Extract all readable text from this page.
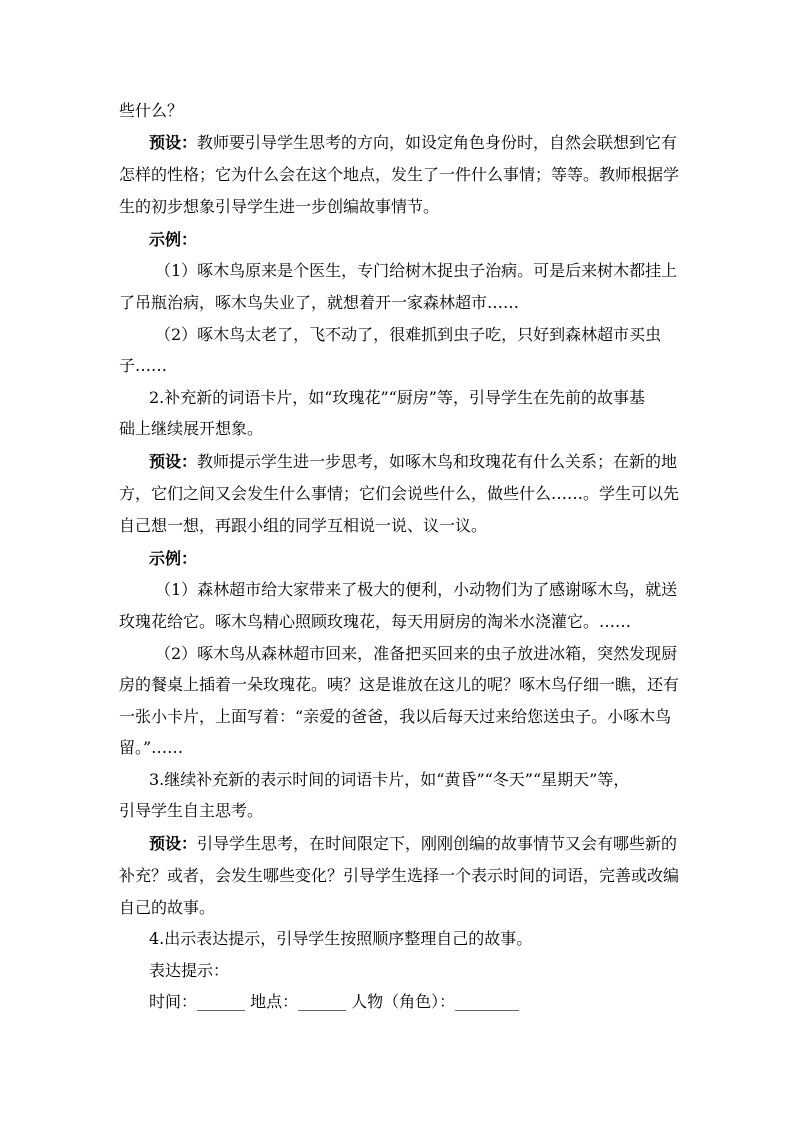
些什么？
预设：教师要引导学生思考的方向，如设定角色身份时，自然会联想到它有
怎样的性格；它为什么会在这个地点，发生了一件什么事情；等等。教师根据学
生的初步想象引导学生进一步创编故事情节。
示例：
（1）啄木鸟原来是个医生，专门给树木捉虫子治病。可是后来树木都挂上
了吊瓶治病，啄木鸟失业了，就想着开一家森林超市……
（2）啄木鸟太老了，飞不动了，很难抓到虫子吃，只好到森林超市买虫
子……
2.补充新的词语卡片，如“玫瑰花”“厨房”等，引导学生在先前的故事基
础上继续展开想象。
预设：教师提示学生进一步思考，如啄木鸟和玫瑰花有什么关系；在新的地
方，它们之间又会发生什么事情；它们会说些什么，做些什么……。学生可以先
自己想一想，再跟小组的同学互相说一说、议一议。
示例：
（1）森林超市给大家带来了极大的便利，小动物们为了感谢啄木鸟，就送
玫瑰花给它。啄木鸟精心照顾玫瑰花，每天用厨房的淘米水浇灌它。……
（2）啄木鸟从森林超市回来，准备把买回来的虫子放进冰箱，突然发现厨
房的餐桌上插着一朵玫瑰花。咦？这是谁放在这儿的呢？啄木鸟仔细一瞧，还有
一张小卡片，上面写着：“亲爱的爸爸，我以后每天过来给您送虫子。小啄木鸟
留。”……
3.继续补充新的表示时间的词语卡片，如“黄昏”“冬天”“星期天”等，
引导学生自主思考。
预设：引导学生思考，在时间限定下，刚刚创编的故事情节又会有哪些新的
补充？或者，会发生哪些变化？引导学生选择一个表示时间的词语，完善或改编
自己的故事。
4.出示表达提示，引导学生按照顺序整理自己的故事。
表达提示：
时间：______ 地点：______ 人物（角色）：________
